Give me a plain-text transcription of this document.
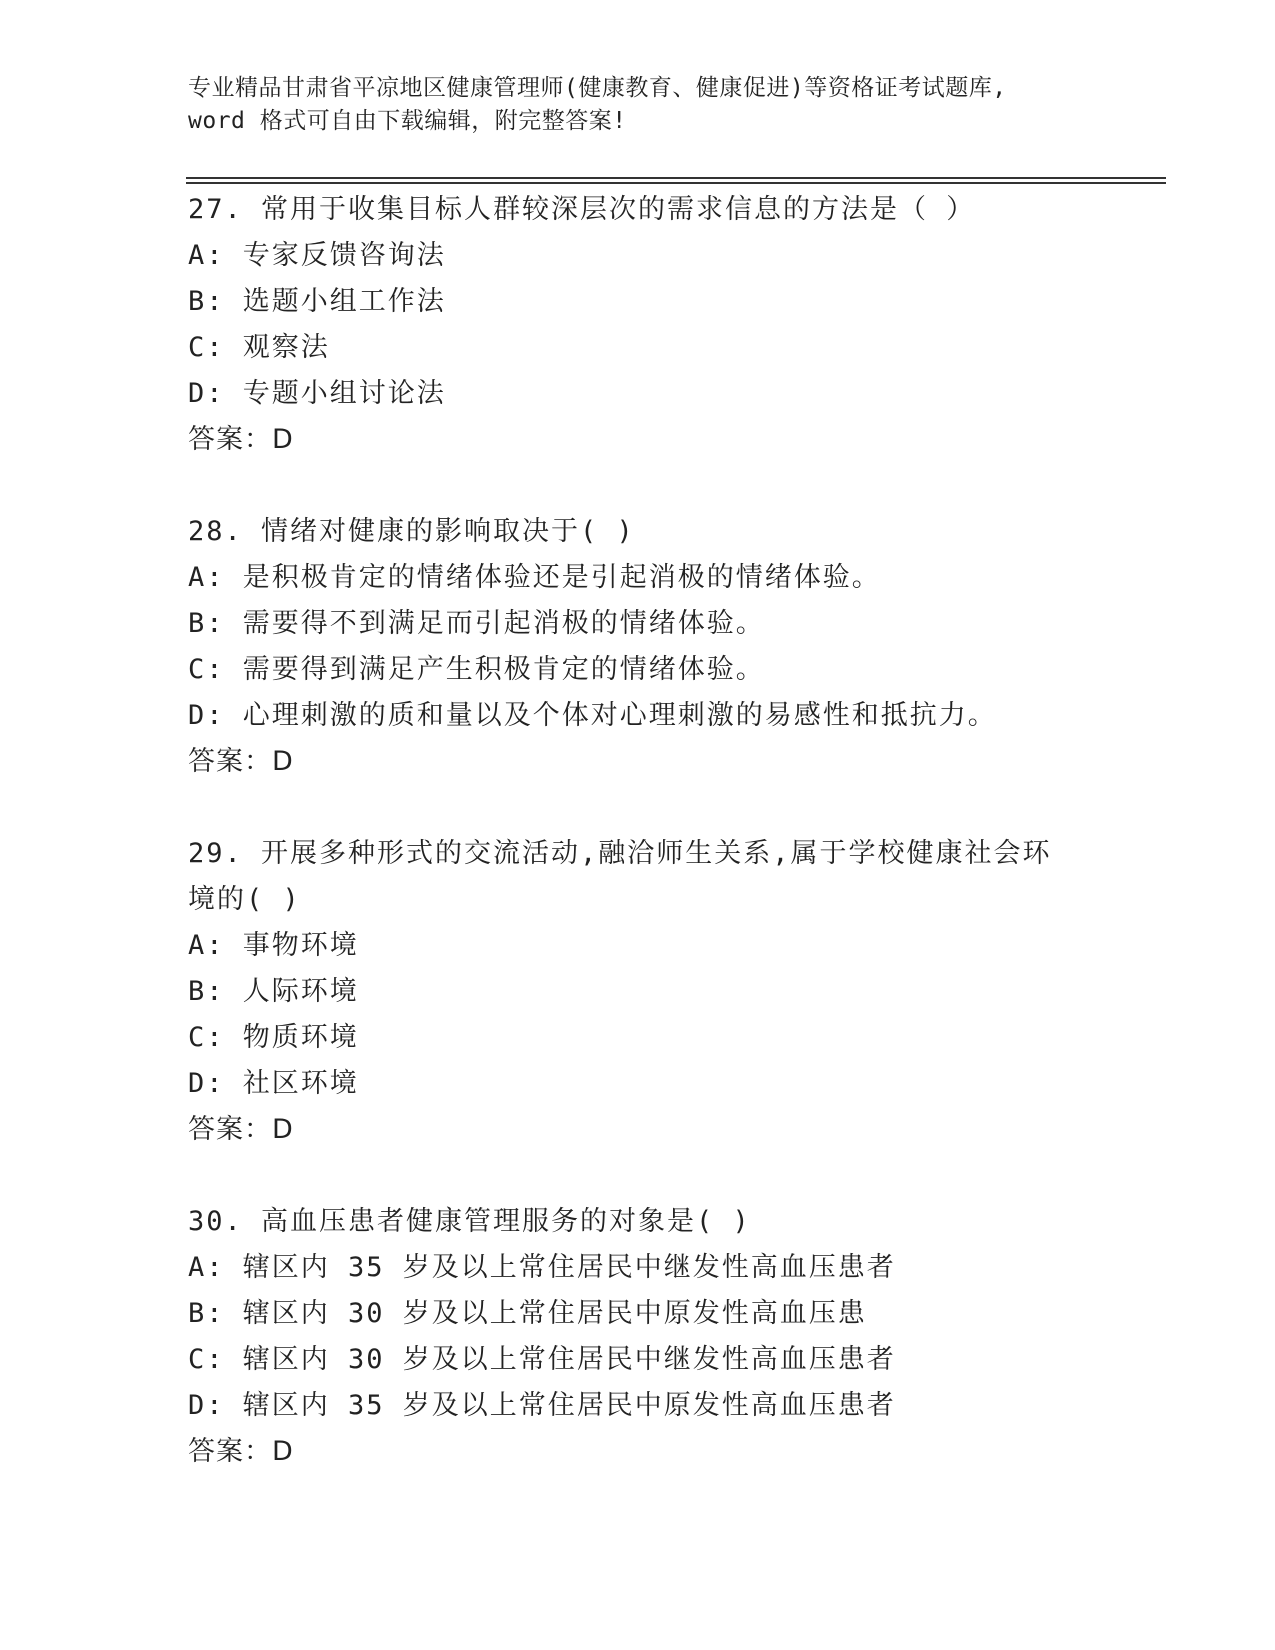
专业精品甘肃省平凉地区健康管理师(健康教育、健康促进)等资格证考试题库,
word 格式可自由下载编辑，附完整答案!
27. 常用于收集目标人群较深层次的需求信息的方法是（ ）
A: 专家反馈咨询法
B: 选题小组工作法
C: 观察法
D: 专题小组讨论法
答案：D
28. 情绪对健康的影响取决于( )
A: 是积极肯定的情绪体验还是引起消极的情绪体验。
B: 需要得不到满足而引起消极的情绪体验。
C: 需要得到满足产生积极肯定的情绪体验。
D: 心理刺激的质和量以及个体对心理刺激的易感性和抵抗力。
答案：D
29. 开展多种形式的交流活动,融洽师生关系,属于学校健康社会环境的( )
A: 事物环境
B: 人际环境
C: 物质环境
D: 社区环境
答案：D
30. 高血压患者健康管理服务的对象是( )
A: 辖区内 35 岁及以上常住居民中继发性高血压患者
B: 辖区内 30 岁及以上常住居民中原发性高血压患
C: 辖区内 30 岁及以上常住居民中继发性高血压患者
D: 辖区内 35 岁及以上常住居民中原发性高血压患者
答案：D
